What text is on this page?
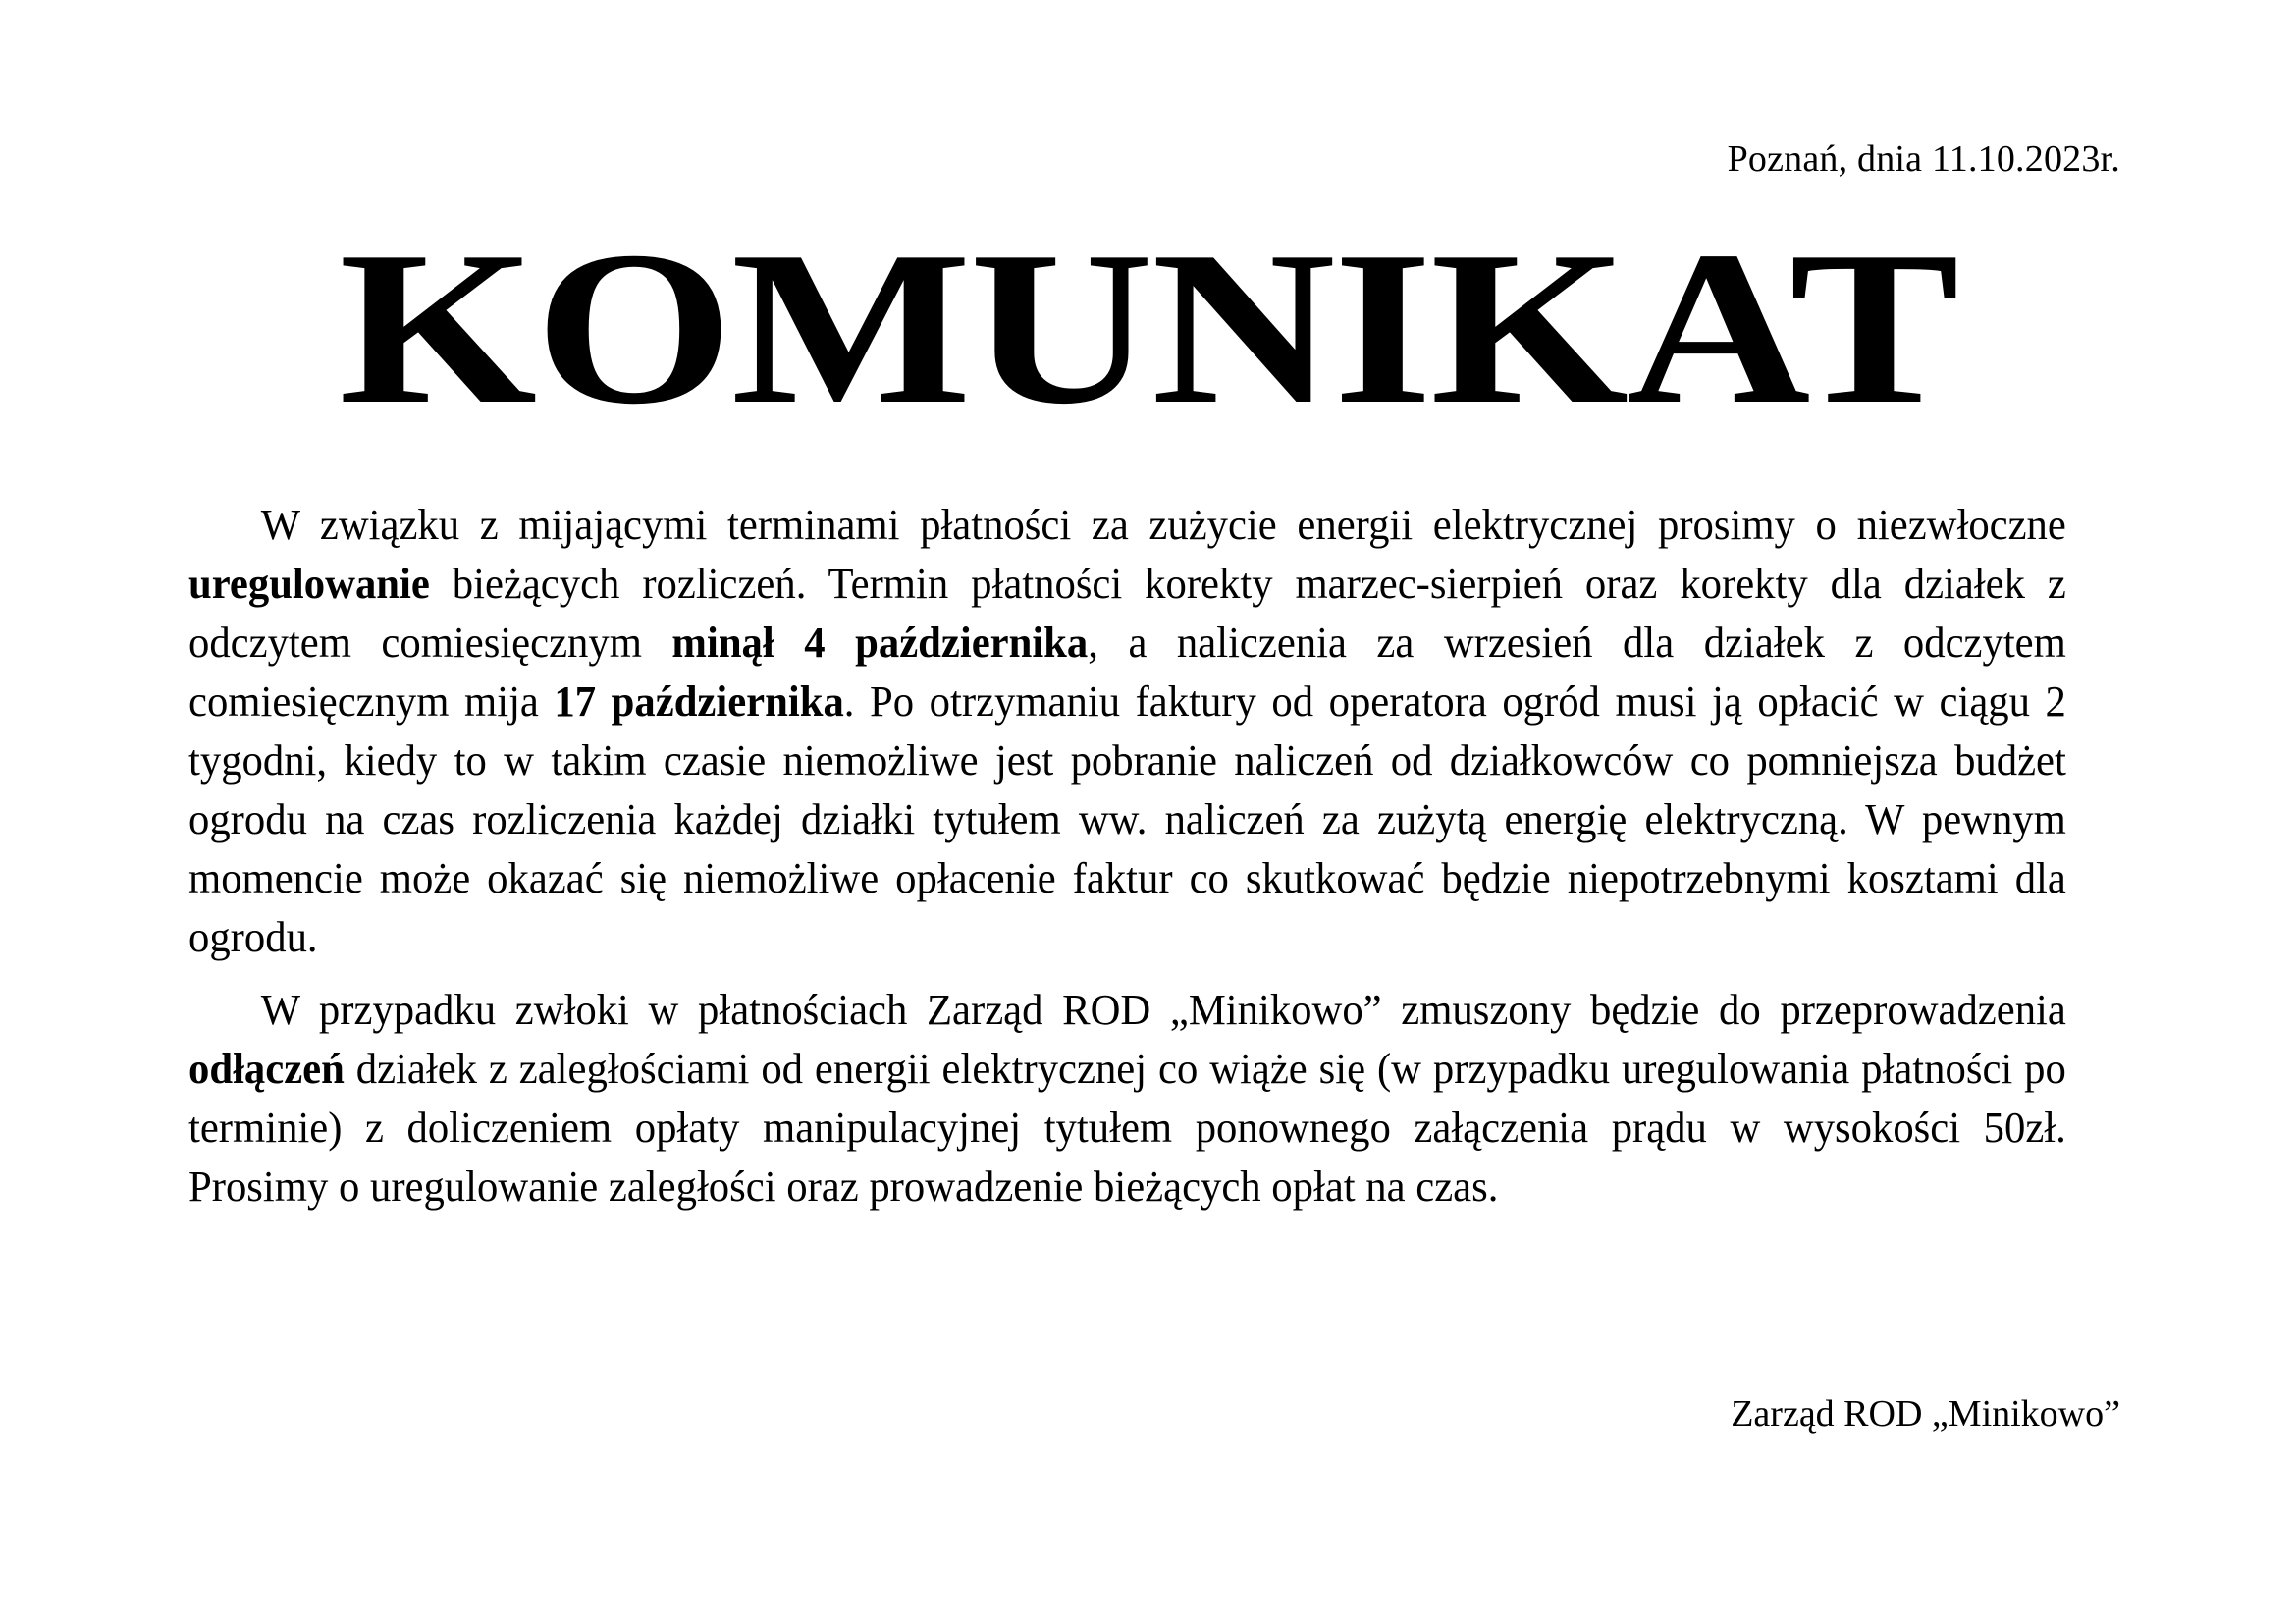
Poznań, dnia 11.10.2023r.
KOMUNIKAT

W związku z mijającymi terminami płatności za zużycie energii elektrycznej prosimy o niezwłoczne uregulowanie bieżących rozliczeń. Termin płatności korekty marzec-sierpień oraz korekty dla działek z odczytem comiesięcznym minął 4 października, a naliczenia za wrzesień dla działek z odczytem comiesięcznym mija 17 października. Po otrzymaniu faktury od operatora ogród musi ją opłacić w ciągu 2 tygodni, kiedy to w takim czasie niemożliwe jest pobranie naliczeń od działkowców co pomniejsza budżet ogrodu na czas rozliczenia każdej działki tytułem ww. naliczeń za zużytą energię elektryczną. W pewnym momencie może okazać się niemożliwe opłacenie faktur co skutkować będzie niepotrzebnymi kosztami dla ogrodu.

W przypadku zwłoki w płatnościach Zarząd ROD „Minikowo” zmuszony będzie do przeprowadzenia odłączeń działek z zaległościami od energii elektrycznej co wiąże się (w przypadku uregulowania płatności po terminie) z doliczeniem opłaty manipulacyjnej tytułem ponownego załączenia prądu w wysokości 50zł. Prosimy o uregulowanie zaległości oraz prowadzenie bieżących opłat na czas.

Zarząd ROD „Minikowo”
